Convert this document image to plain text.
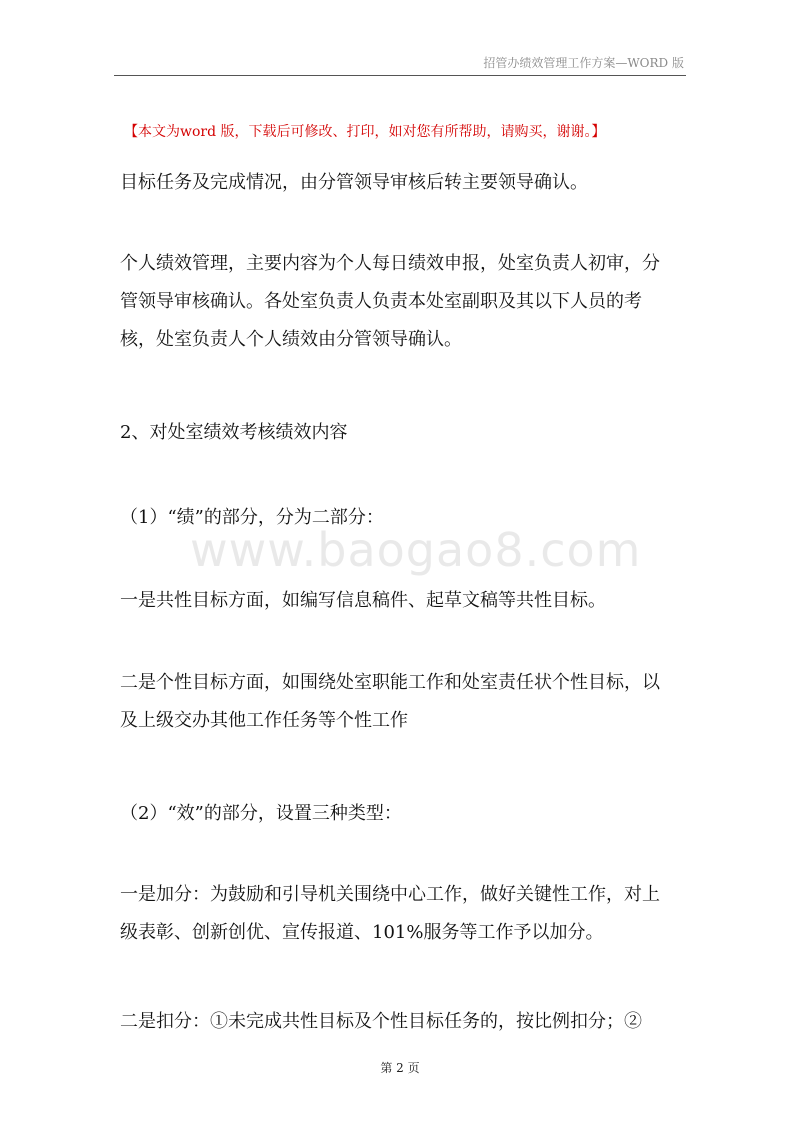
招管办绩效管理工作方案—WORD 版
【本文为word 版，下载后可修改、打印，如对您有所帮助，请购买，谢谢。】
www.baogao8.com
目标任务及完成情况，由分管领导审核后转主要领导确认。
个人绩效管理，主要内容为个人每日绩效申报，处室负责人初审，分
管领导审核确认。各处室负责人负责本处室副职及其以下人员的考
核，处室负责人个人绩效由分管领导确认。
2、对处室绩效考核绩效内容
（1）“绩”的部分，分为二部分：
一是共性目标方面，如编写信息稿件、起草文稿等共性目标。
二是个性目标方面，如围绕处室职能工作和处室责任状个性目标，以
及上级交办其他工作任务等个性工作
（2）“效”的部分，设置三种类型：
一是加分：为鼓励和引导机关围绕中心工作，做好关键性工作，对上
级表彰、创新创优、宣传报道、101%服务等工作予以加分。
二是扣分：①未完成共性目标及个性目标任务的，按比例扣分；②
第 2 页
